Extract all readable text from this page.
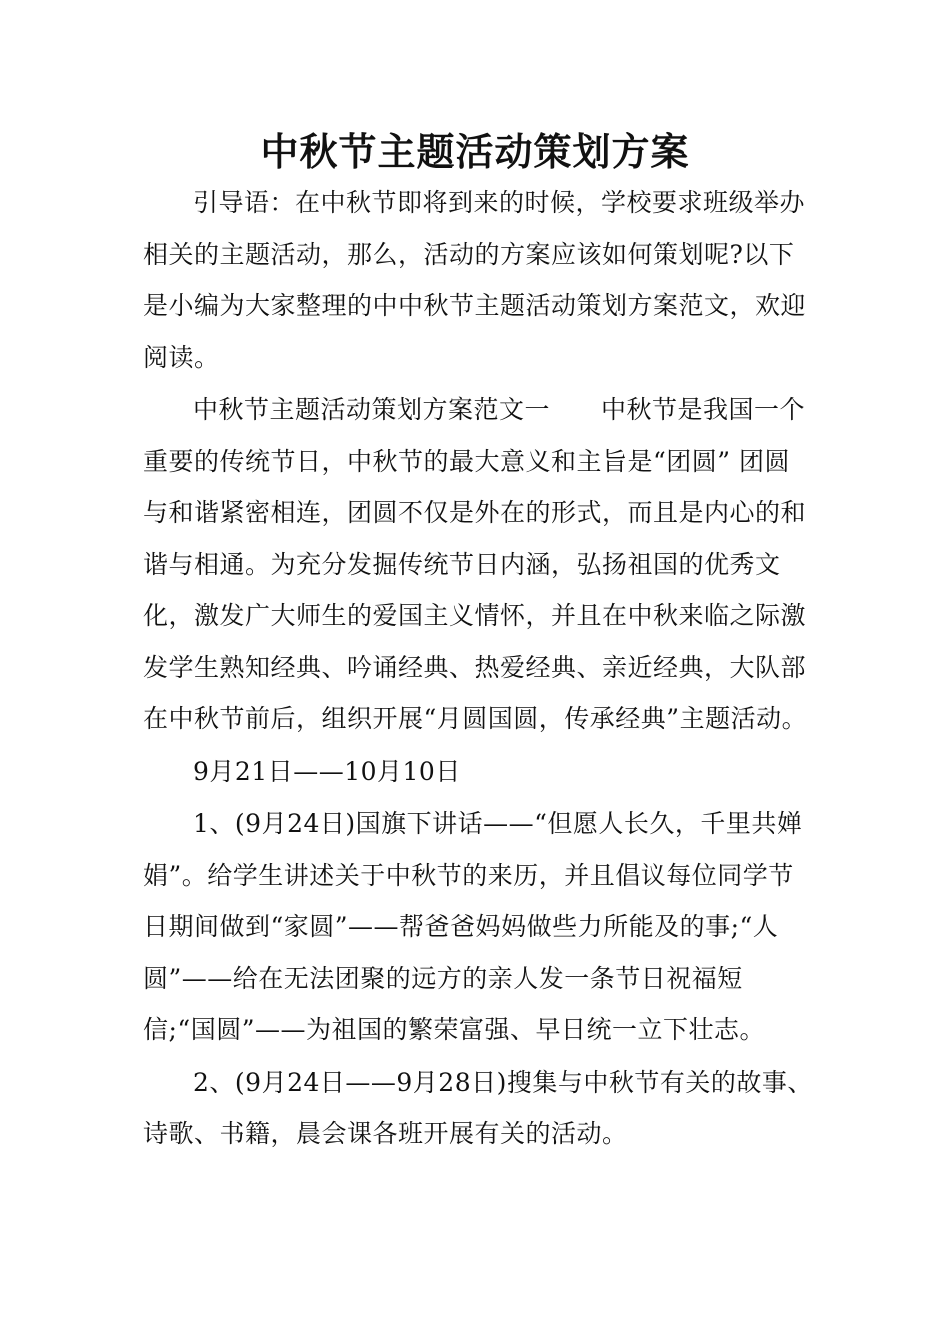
中秋节主题活动策划方案

引导语：在中秋节即将到来的时候，学校要求班级举办相关的主题活动，那么，活动的方案应该如何策划呢?以下是小编为大家整理的中中秋节主题活动策划方案范文，欢迎阅读。

中秋节主题活动策划方案范文一　　中秋节是我国一个重要的传统节日，中秋节的最大意义和主旨是“团圆” 团圆与和谐紧密相连，团圆不仅是外在的形式，而且是内心的和谐与相通。为充分发掘传统节日内涵，弘扬祖国的优秀文化，激发广大师生的爱国主义情怀，并且在中秋来临之际激发学生熟知经典、吟诵经典、热爱经典、亲近经典，大队部在中秋节前后，组织开展“月圆国圆，传承经典”主题活动。

9月21日——10月10日

1、(9月24日)国旗下讲话——“但愿人长久，千里共婵娟”。给学生讲述关于中秋节的来历，并且倡议每位同学节日期间做到“家圆”——帮爸爸妈妈做些力所能及的事;“人圆”——给在无法团聚的远方的亲人发一条节日祝福短信;“国圆”——为祖国的繁荣富强、早日统一立下壮志。

2、(9月24日——9月28日)搜集与中秋节有关的故事、诗歌、书籍，晨会课各班开展有关的活动。
